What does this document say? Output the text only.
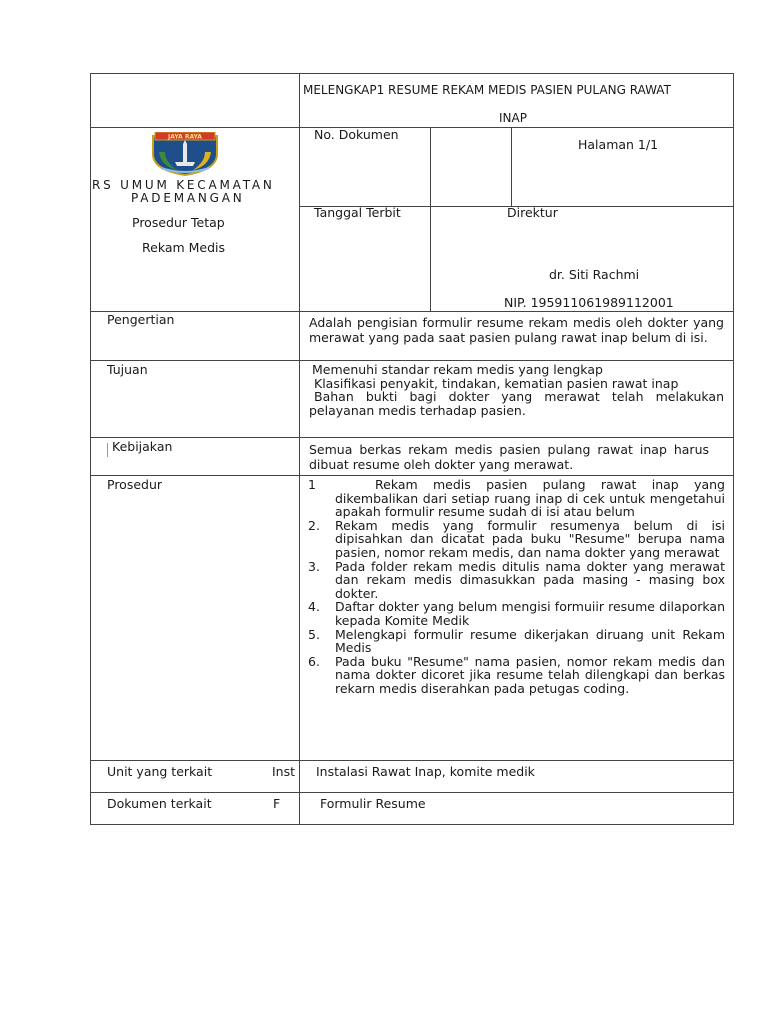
MELENGKAP1 RESUME REKAM MEDIS PASIEN PULANG RAWAT
INAP
JAYA RAYA
RS UMUM KECAMATAN
PADEMANGAN
No. Dokumen
Halaman 1/1
Prosedur Tetap
Rekam Medis
Tanggal Terbit	Direktur
dr. Siti Rachmi
NIP. 195911061989112001
Pengertian	Adalah pengisian formulir resume rekam medis oleh dokter yang merawat yang pada saat pasien pulang rawat inap belum di isi.
Tujuan	Memenuhi standar rekam medis yang lengkap
Klasifikasi penyakit, tindakan, kematian pasien rawat inap
Bahan bukti bagi dokter yang merawat telah melakukan pelayanan medis terhadap pasien.
Kebijakan	Semua berkas rekam medis pasien pulang rawat inap harus dibuat resume oleh dokter yang merawat.
Prosedur	1	Rekam medis pasien pulang rawat inap yang dikembalikan dari setiap ruang inap di cek untuk mengetahui apakah formulir resume sudah di isi atau belum
2. Rekam medis yang formulir resumenya belum di isi dipisahkan dan dicatat pada buku "Resume" berupa nama pasien, nomor rekam medis, dan nama dokter yang merawat
3. Pada folder rekam medis ditulis nama dokter yang merawat dan rekam medis dimasukkan pada masing - masing box dokter.
4. Daftar dokter yang belum mengisi formuiir resume dilaporkan kepada Komite Medik
5. Melengkapi formulir resume dikerjakan diruang unit Rekam Medis
6. Pada buku "Resume" nama pasien, nomor rekam medis dan nama dokter dicoret jika resume telah dilengkapi dan berkas rekarn medis diserahkan pada petugas coding.
Unit yang terkait	Inst Instalasi Rawat Inap, komite medik
Dokumen terkait	F	Formulir Resume
